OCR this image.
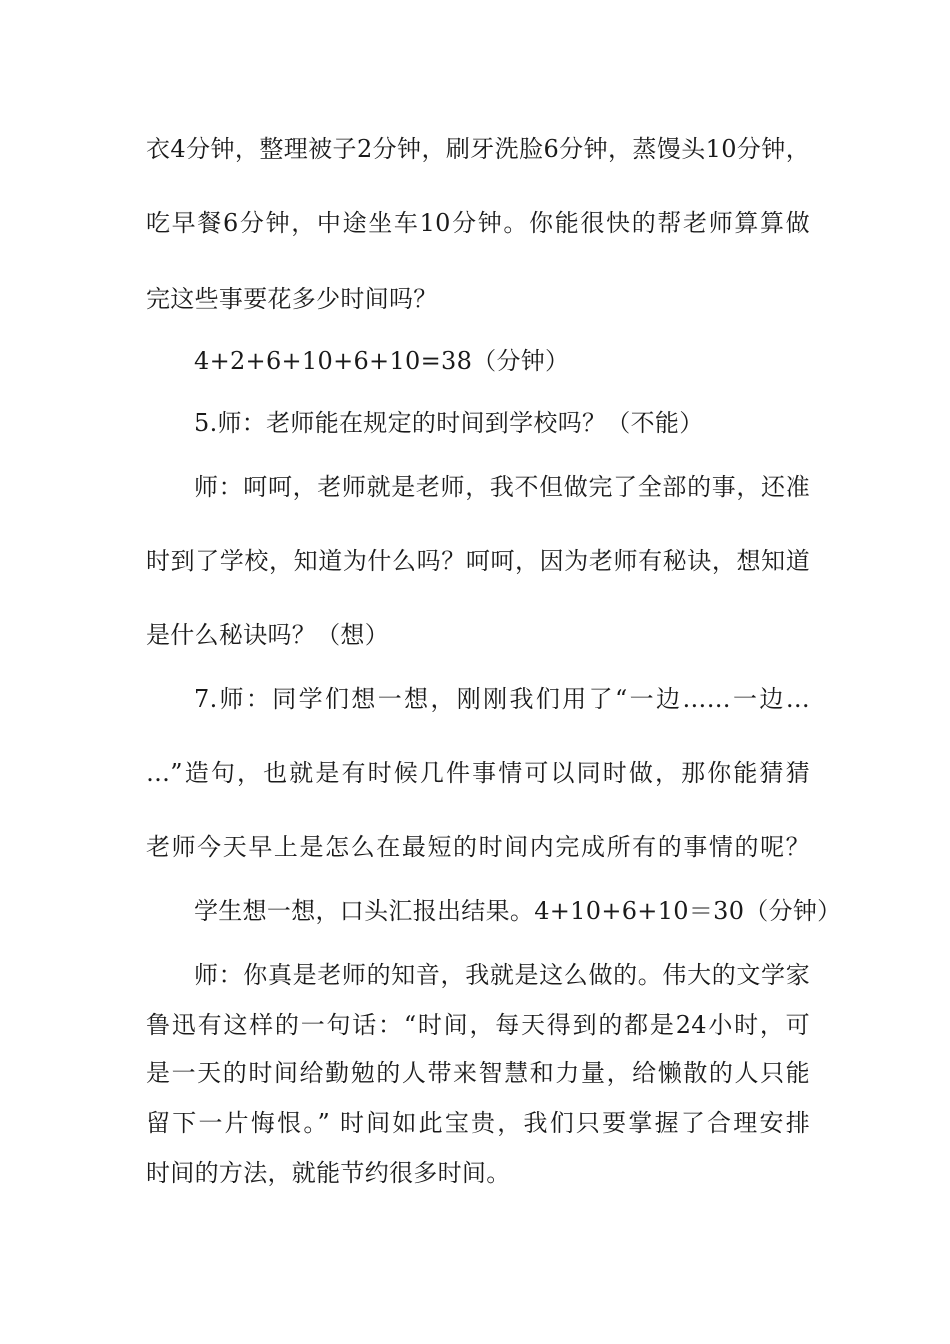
衣4分钟，整理被子2分钟，刷牙洗脸6分钟，蒸馒头10分钟，
吃早餐6分钟，中途坐车10分钟。你能很快的帮老师算算做
完这些事要花多少时间吗？
4+2+6+10+6+10=38（分钟）
5.师：老师能在规定的时间到学校吗？（不能）
师：呵呵，老师就是老师，我不但做完了全部的事，还准
时到了学校，知道为什么吗？呵呵，因为老师有秘诀，想知道
是什么秘诀吗？（想）
7.师：同学们想一想，刚刚我们用了“一边……一边…
…”造句，也就是有时候几件事情可以同时做，那你能猜猜
老师今天早上是怎么在最短的时间内完成所有的事情的呢？
学生想一想，口头汇报出结果。4+10+6+10＝30（分钟）
师：你真是老师的知音，我就是这么做的。伟大的文学家
鲁迅有这样的一句话：“时间，每天得到的都是24小时，可
是一天的时间给勤勉的人带来智慧和力量，给懒散的人只能
留下一片悔恨。” 时间如此宝贵，我们只要掌握了合理安排
时间的方法，就能节约很多时间。
